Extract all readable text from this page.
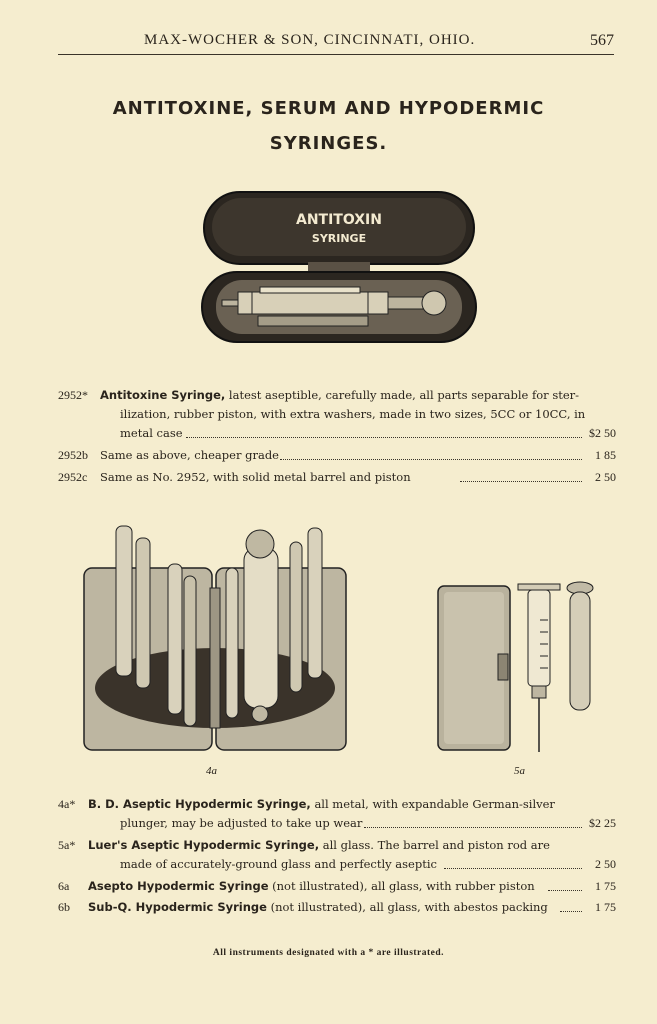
MAX-WOCHER & SON, CINCINNATI, OHIO.	567
ANTITOXINE, SERUM AND HYPODERMIC
SYRINGES.
ANTITOXIN
SYRINGE
2952* Antitoxine Syringe, latest aseptible, carefully made, all parts separable for ster-
ilization, rubber piston, with extra washers, made in two sizes, 5CC or 10CC, in
metal case	$2 50
2952b Same as above, cheaper grade	1 85
2952c Same as No. 2952, with solid metal barrel and piston	2 50
4a	5a
4a* B. D. Aseptic Hypodermic Syringe, all metal, with expandable German-silver
plunger, may be adjusted to take up wear	$2 25
5a* Luer's Aseptic Hypodermic Syringe, all glass. The barrel and piston rod are
made of accurately-ground glass and perfectly aseptic	2 50
6a Asepto Hypodermic Syringe (not illustrated), all glass, with rubber piston	1 75
6b Sub-Q. Hypodermic Syringe (not illustrated), all glass, with abestos packing	1 75
All instruments designated with a * are illustrated.
